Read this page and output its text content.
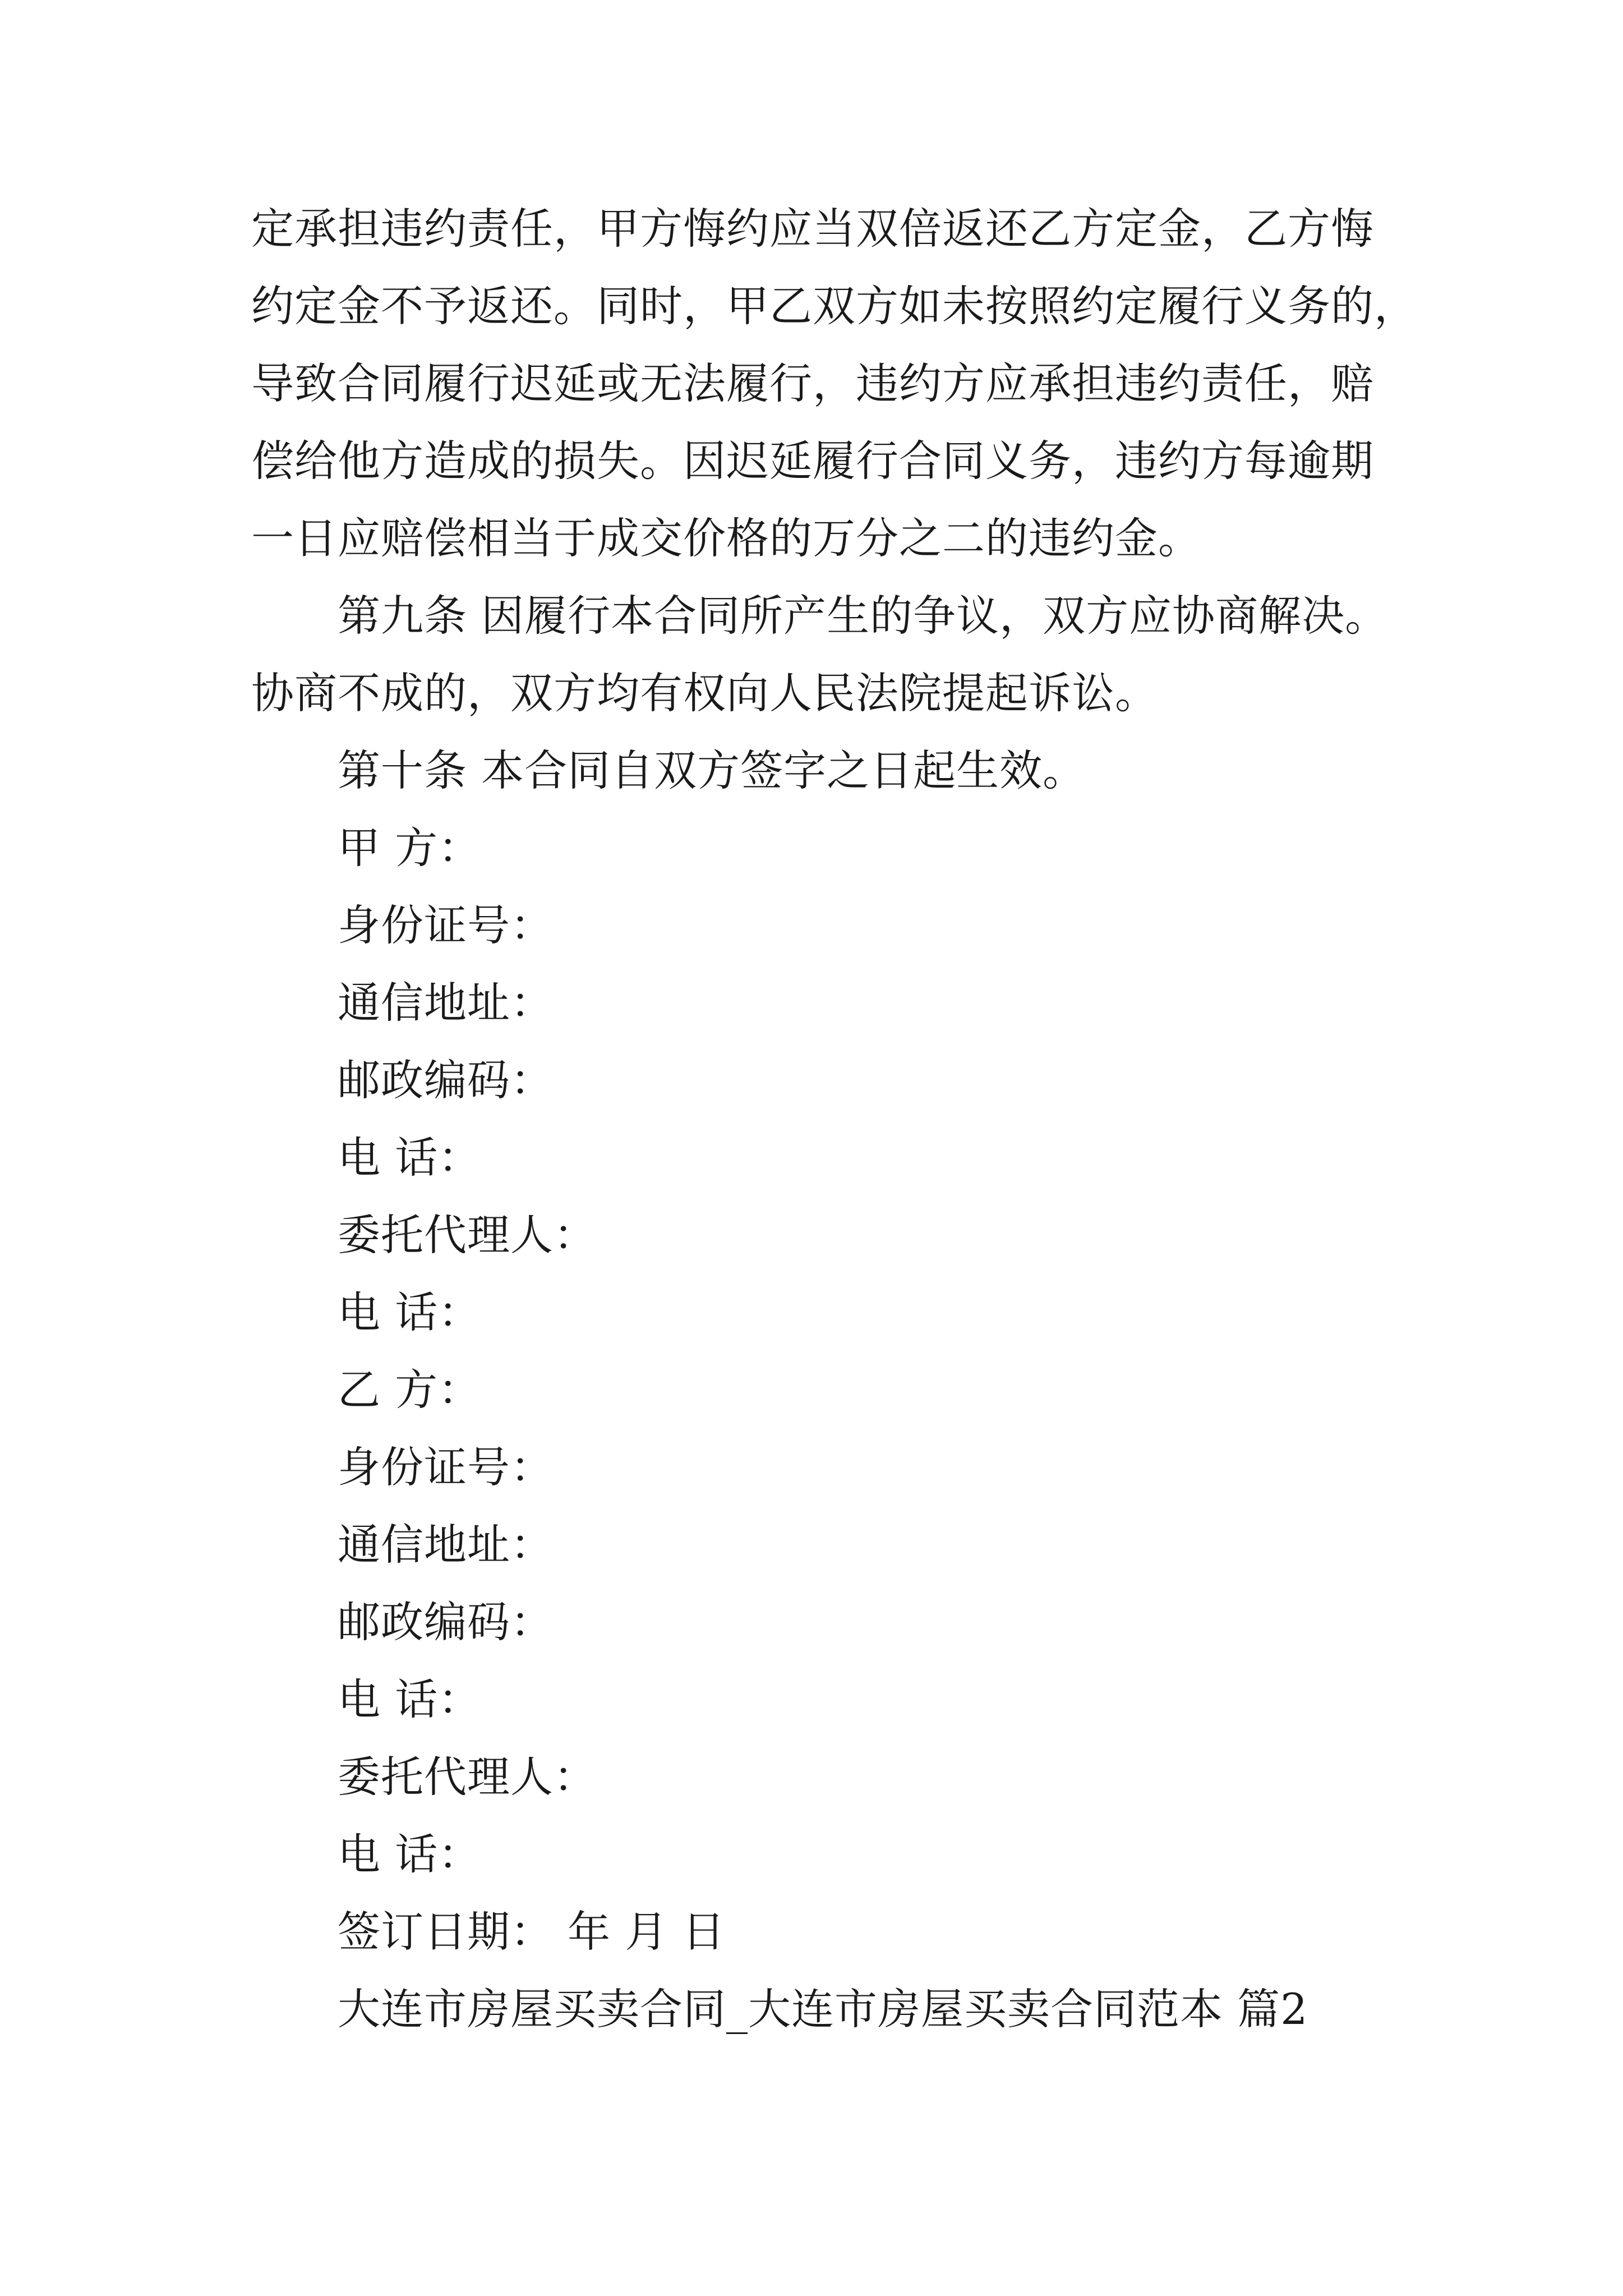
定承担违约责任，甲方悔约应当双倍返还乙方定金，乙方悔

约定金不予返还。同时，甲乙双方如未按照约定履行义务的，

导致合同履行迟延或无法履行，违约方应承担违约责任，赔

偿给他方造成的损失。因迟延履行合同义务，违约方每逾期

一日应赔偿相当于成交价格的万分之二的违约金。

第九条 因履行本合同所产生的争议，双方应协商解决。

协商不成的，双方均有权向人民法院提起诉讼。

第十条 本合同自双方签字之日起生效。

甲 方：
身份证号：
通信地址：
邮政编码：
电 话：
委托代理人：
电 话：
乙 方：
身份证号：
通信地址：
邮政编码：
电 话：
委托代理人：
电 话：
签订日期： 年 月 日
大连市房屋买卖合同_大连市房屋买卖合同范本 篇2
